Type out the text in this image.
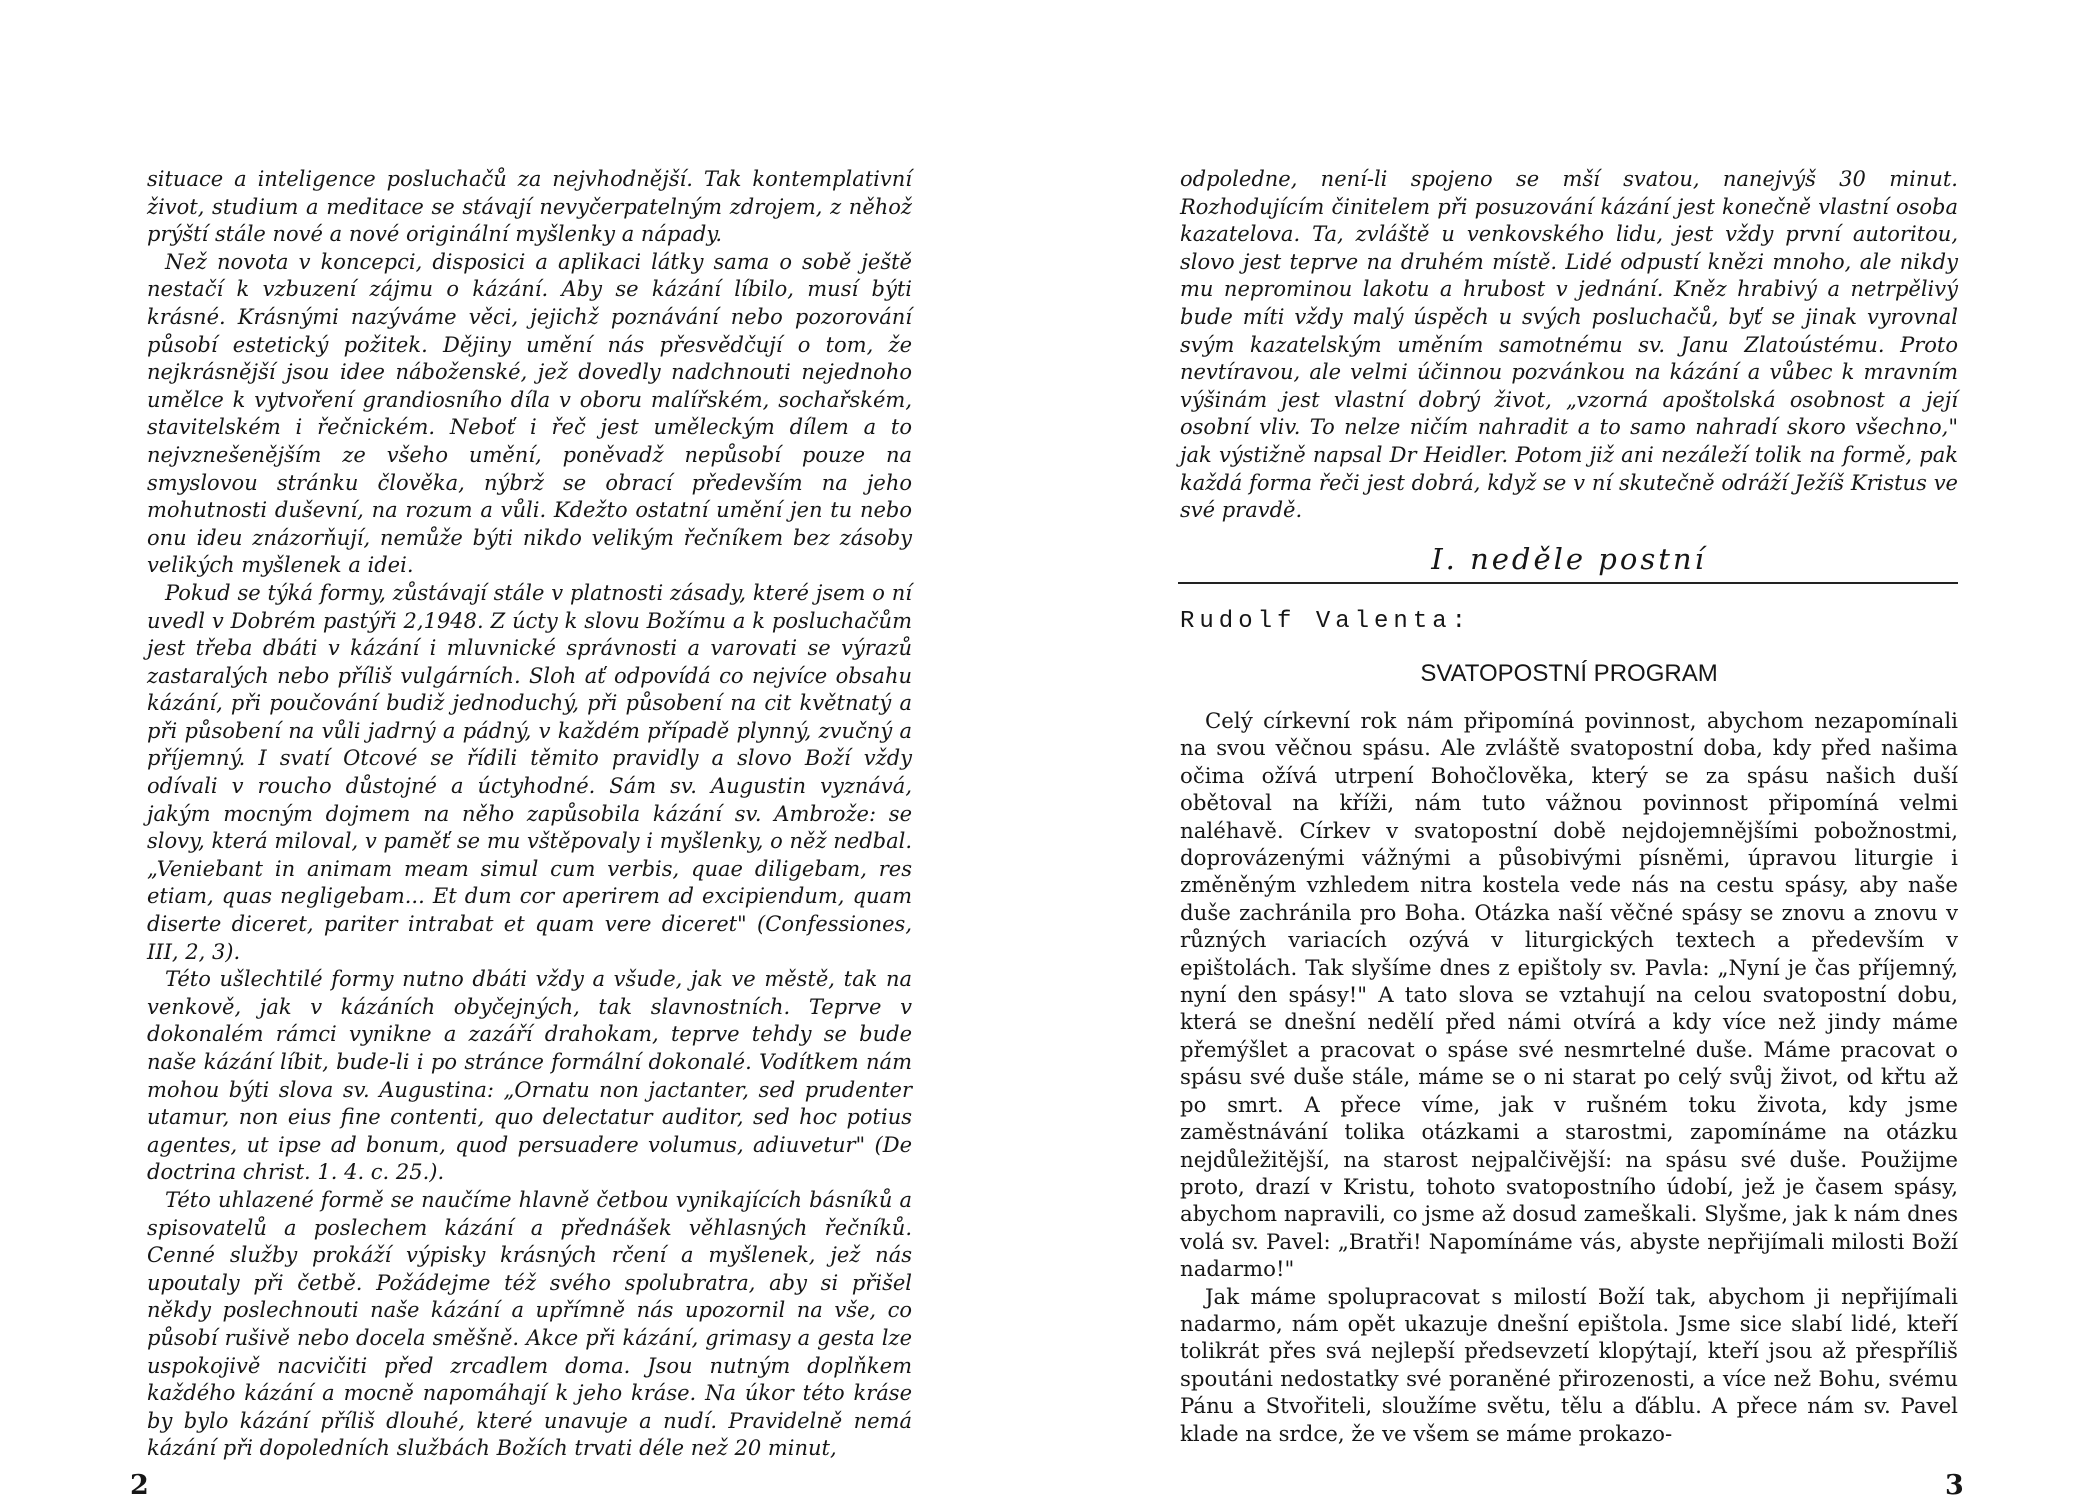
situace a inteligence posluchačů za nejvhodnější. Tak kontemplativní život, studium a meditace se stávají nevyčerpatelným zdrojem, z něhož prýští stále nové a nové originální myšlenky a nápady.

Než novota v koncepci, disposici a aplikaci látky sama o sobě ještě nestačí k vzbuzení zájmu o kázání. Aby se kázání líbilo, musí býti krásné. Krásnými nazýváme věci, jejichž poznávání nebo pozorování působí estetický požitek. Dějiny umění nás přesvědčují o tom, že nejkrásnější jsou idee náboženské, jež dovedly nadchnouti nejednoho umělce k vytvoření grandiosního díla v oboru malířském, sochařském, stavitelském i řečnickém. Neboť i řeč jest uměleckým dílem a to nejvznešenějším ze všeho umění, poněvadž nepůsobí pouze na smyslovou stránku člověka, nýbrž se obrací především na jeho mohutnosti duševní, na rozum a vůli. Kdežto ostatní umění jen tu nebo onu ideu znázorňují, nemůže býti nikdo velikým řečníkem bez zásoby velikých myšlenek a idei.

Pokud se týká formy, zůstávají stále v platnosti zásady, které jsem o ní uvedl v Dobrém pastýři 2,1948. Z úcty k slovu Božímu a k posluchačům jest třeba dbáti v kázání i mluvnické správnosti a varovati se výrazů zastaralých nebo příliš vulgárních. Sloh ať odpovídá co nejvíce obsahu kázání, při poučování budiž jednoduchý, při působení na cit květnatý a při působení na vůli jadrný a pádný, v každém případě plynný, zvučný a příjemný. I svatí Otcové se řídili těmito pravidly a slovo Boží vždy odívali v roucho důstojné a úctyhodné. Sám sv. Augustin vyznává, jakým mocným dojmem na něho zapůsobila kázání sv. Ambrože: se slovy, která miloval, v paměť se mu vštěpovaly i myšlenky, o něž nedbal. „Veniebant in animam meam simul cum verbis, quae diligebam, res etiam, quas negligebam... Et dum cor aperirem ad excipiendum, quam diserte diceret, pariter intrabat et quam vere diceret" (Confessiones, III, 2, 3).

Této ušlechtilé formy nutno dbáti vždy a všude, jak ve městě, tak na venkově, jak v kázáních obyčejných, tak slavnostních. Teprve v dokonalém rámci vynikne a zazáří drahokam, teprve tehdy se bude naše kázání líbit, bude-li i po stránce formální dokonalé. Vodítkem nám mohou býti slova sv. Augustina: „Ornatu non jactanter, sed prudenter utamur, non eius fine contenti, quo delectatur auditor, sed hoc potius agentes, ut ipse ad bonum, quod persuadere volumus, adiuvetur" (De doctrina christ. 1. 4. c. 25.).

Této uhlazené formě se naučíme hlavně četbou vynikajících básníků a spisovatelů a poslechem kázání a přednášek věhlasných řečníků. Cenné služby prokáží výpisky krásných rčení a myšlenek, jež nás upoutaly při četbě. Požádejme též svého spolubratra, aby si přišel někdy poslechnouti naše kázání a upřímně nás upozornil na vše, co působí rušivě nebo docela směšně. Akce při kázání, grimasy a gesta lze uspokojivě nacvičiti před zrcadlem doma. Jsou nutným doplňkem každého kázání a mocně napomáhají k jeho kráse. Na úkor této kráse by bylo kázání příliš dlouhé, které unavuje a nudí. Pravidelně nemá kázání při dopoledních službách Božích trvati déle než 20 minut,

2

odpoledne, není-li spojeno se mší svatou, nanejvýš 30 minut. Rozhodujícím činitelem při posuzování kázání jest konečně vlastní osoba kazatelova. Ta, zvláště u venkovského lidu, jest vždy první autoritou, slovo jest teprve na druhém místě. Lidé odpustí knězi mnoho, ale nikdy mu neprominou lakotu a hrubost v jednání. Kněz hrabivý a netrpělivý bude míti vždy malý úspěch u svých posluchačů, byť se jinak vyrovnal svým kazatelským uměním samotnému sv. Janu Zlatoústému. Proto nevtíravou, ale velmi účinnou pozvánkou na kázání a vůbec k mravním výšinám jest vlastní dobrý život, „vzorná apoštolská osobnost a její osobní vliv. To nelze ničím nahradit a to samo nahradí skoro všechno," jak výstižně napsal Dr Heidler. Potom již ani nezáleží tolik na formě, pak každá forma řeči jest dobrá, když se v ní skutečně odráží Ježíš Kristus ve své pravdě.

I. neděle postní
Rudolf Valenta:
SVATOPOSTNÍ PROGRAM

Celý církevní rok nám připomíná povinnost, abychom nezapomínali na svou věčnou spásu. Ale zvláště svatopostní doba, kdy před našima očima ožívá utrpení Bohočlověka, který se za spásu našich duší obětoval na kříži, nám tuto vážnou povinnost připomíná velmi naléhavě. Církev v svatopostní době nejdojemnějšími pobožnostmi, doprovázenými vážnými a působivými písněmi, úpravou liturgie i změněným vzhledem nitra kostela vede nás na cestu spásy, aby naše duše zachránila pro Boha. Otázka naší věčné spásy se znovu a znovu v různých variacích ozývá v liturgických textech a především v epištolách. Tak slyšíme dnes z epištoly sv. Pavla: „Nyní je čas příjemný, nyní den spásy!" A tato slova se vztahují na celou svatopostní dobu, která se dnešní nedělí před námi otvírá a kdy více než jindy máme přemýšlet a pracovat o spáse své nesmrtelné duše. Máme pracovat o spásu své duše stále, máme se o ni starat po celý svůj život, od křtu až po smrt. A přece víme, jak v rušném toku života, kdy jsme zaměstnávání tolika otázkami a starostmi, zapomínáme na otázku nejdůležitější, na starost nejpalčivější: na spásu své duše. Použijme proto, drazí v Kristu, tohoto svatopostního údobí, jež je časem spásy, abychom napravili, co jsme až dosud zameškali. Slyšme, jak k nám dnes volá sv. Pavel: „Bratři! Napomínáme vás, abyste nepřijímali milosti Boží nadarmo!"

Jak máme spolupracovat s milostí Boží tak, abychom ji nepřijímali nadarmo, nám opět ukazuje dnešní epištola. Jsme sice slabí lidé, kteří tolikrát přes svá nejlepší předsevzetí klopýtají, kteří jsou až přespříliš spoutáni nedostatky své poraněné přirozenosti, a více než Bohu, svému Pánu a Stvořiteli, sloužíme světu, tělu a ďáblu. A přece nám sv. Pavel klade na srdce, že ve všem se máme prokazo-

3
